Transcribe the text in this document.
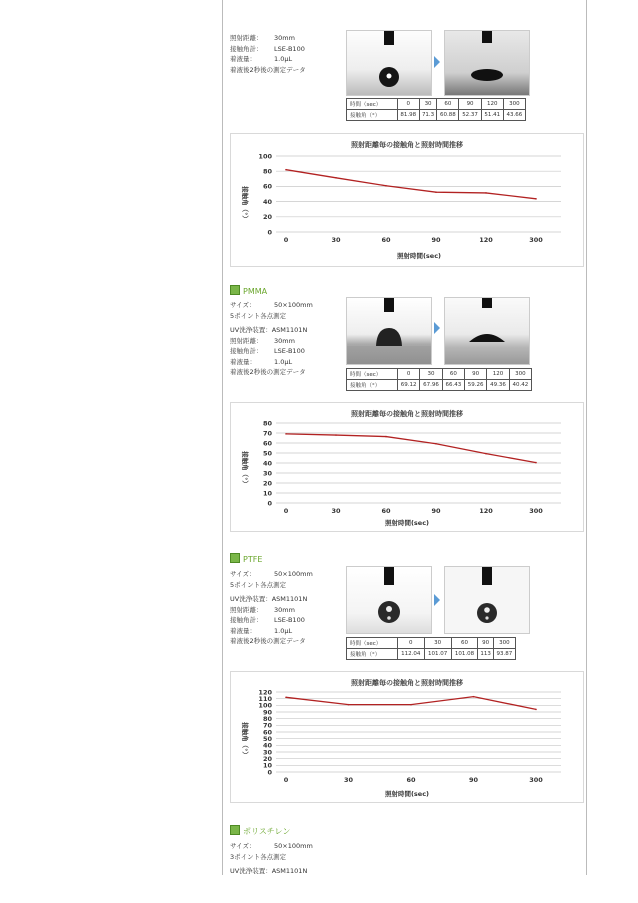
照射距離： 30mm
接触角計： LSE-B100
着液量：	1.0μL
着液後2秒後の測定データ
時間（sec）	0	30	60	90	120	300
接触角（°）	81.98	71.3	60.88	52.37	51.41	43.66
照射距離毎の接触角と照射時間推移
照射時間(sec)
接触角（°）
0
20
40
60
80
100
0	30	60	90	120	300
PMMA
サイズ：	50×100mm
5ポイント各点測定
UV洗浄装置：ASM1101N
照射距離： 30mm
接触角計： LSE-B100
着液量：	1.0μL
着液後2秒後の測定データ	時間（sec）	0	30	60	90	120	300
接触角（°）	69.12	67.96	66.43	59.26	49.36	40.42
照射距離毎の接触角と照射時間推移
照射時間(sec)
接触角（°）
0
10
20
30
40
50
60
70
80
0	30	60	90	120	300
PTFE
サイズ：	50×100mm
5ポイント各点測定
UV洗浄装置：ASM1101N
照射距離： 30mm
接触角計： LSE-B100
着液量：	1.0μL
着液後2秒後の測定データ	時間（sec）	0	30	60	90	300
接触角（°）	112.04	101.07	101.08	113	93.87
照射距離毎の接触角と照射時間推移
照射時間(sec)
接触角（°）
0
10
20
30
40
50
60
70
80
90
100
110
120
0	30	60	90	300
ポリスチレン
サイズ：	50×100mm
3ポイント各点測定
UV洗浄装置：ASM1101N
